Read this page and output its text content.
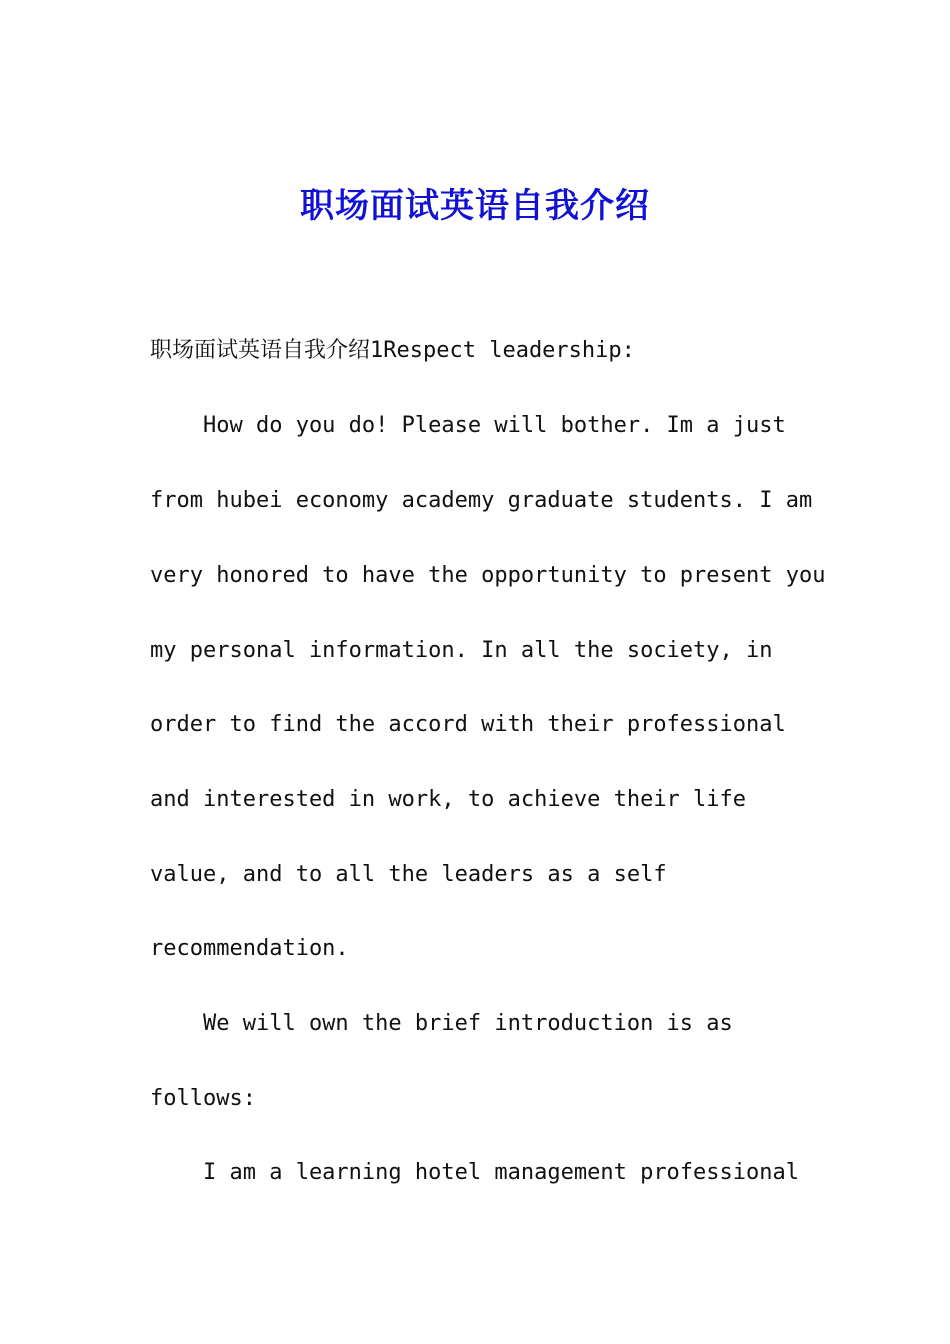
职场面试英语自我介绍

职场面试英语自我介绍1Respect leadership:

How do you do! Please will bother. Im a just

from hubei economy academy graduate students. I am

very honored to have the opportunity to present you

my personal information. In all the society, in

order to find the accord with their professional

and interested in work, to achieve their life

value, and to all the leaders as a self

recommendation.

We will own the brief introduction is as

follows:

I am a learning hotel management professional
